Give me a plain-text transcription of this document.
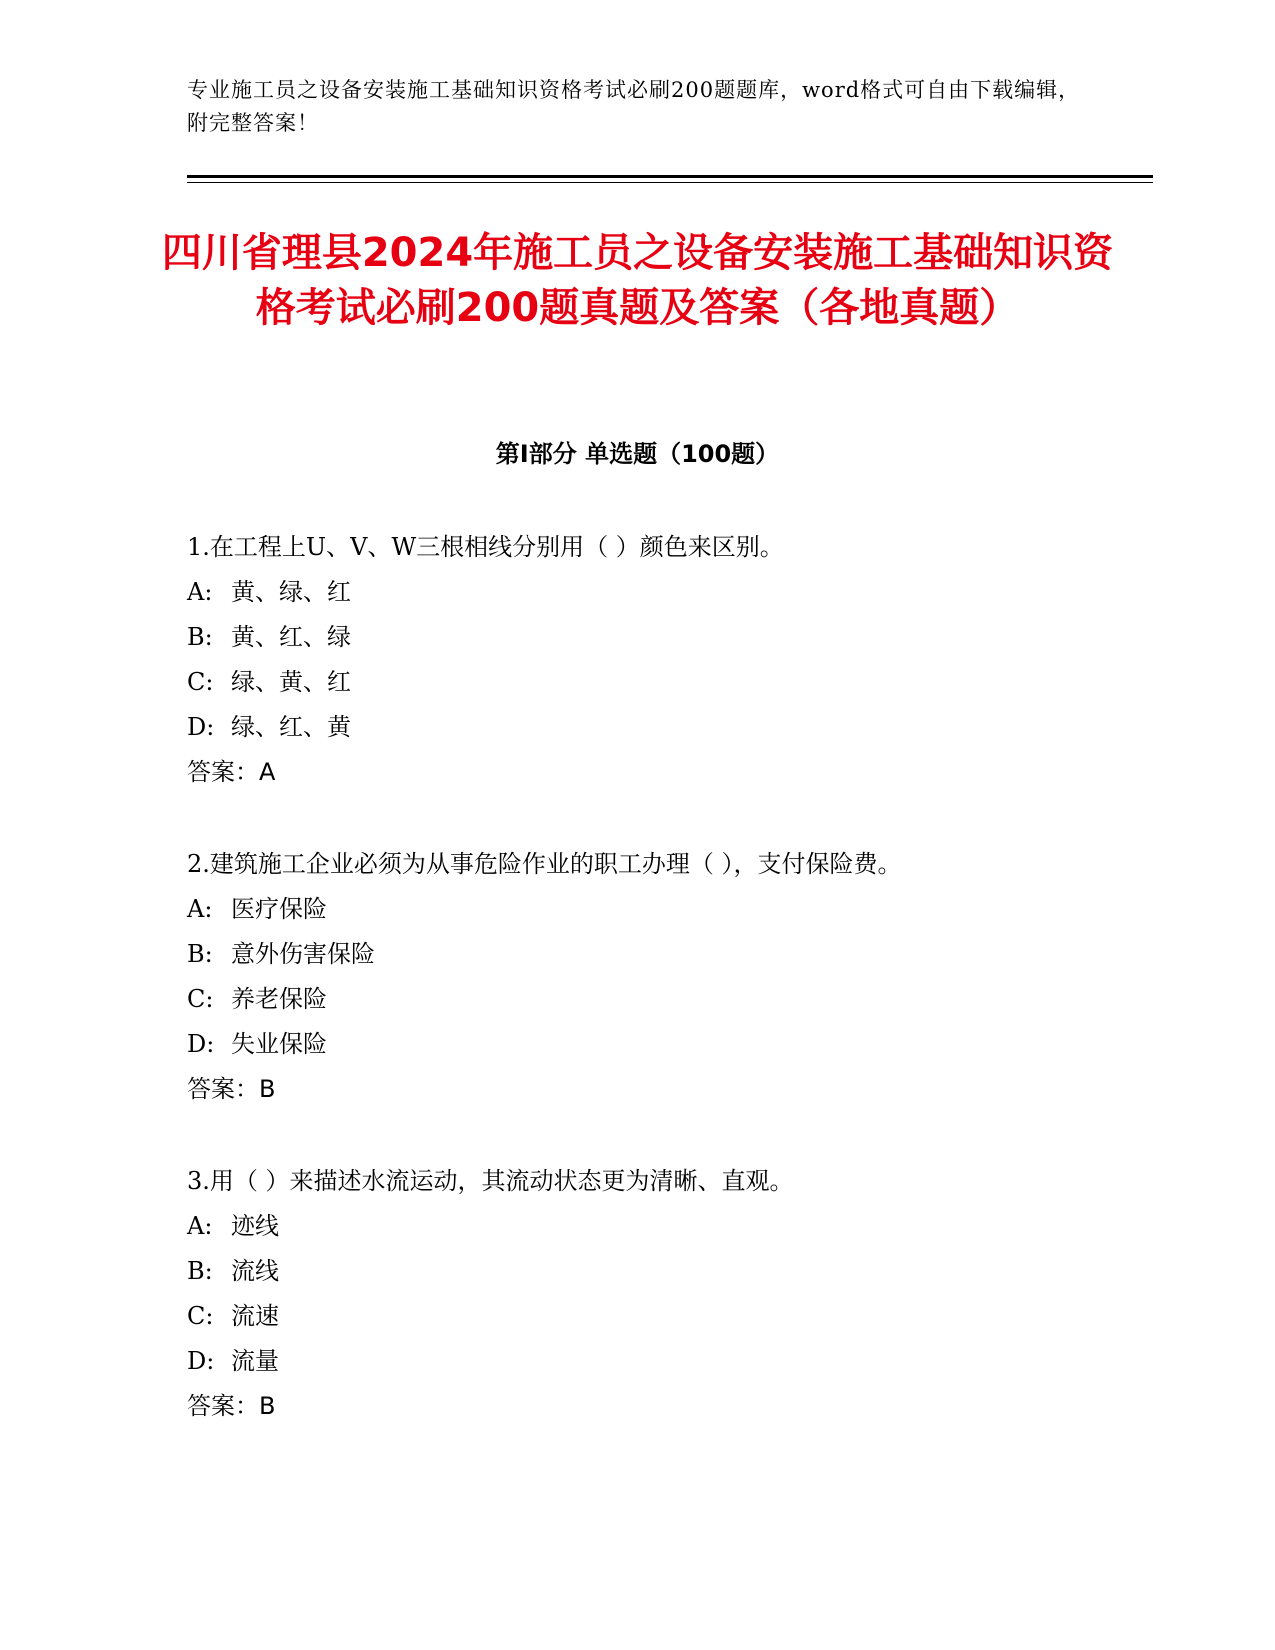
专业施工员之设备安装施工基础知识资格考试必刷200题题库，word格式可自由下载编辑，附完整答案！
四川省理县2024年施工员之设备安装施工基础知识资格考试必刷200题真题及答案（各地真题）
第I部分 单选题（100题）
1.在工程上U、V、W三根相线分别用（ ）颜色来区别。
A: 黄、绿、红
B: 黄、红、绿
C: 绿、黄、红
D: 绿、红、黄
答案：A
2.建筑施工企业必须为从事危险作业的职工办理（ ），支付保险费。
A: 医疗保险
B: 意外伤害保险
C: 养老保险
D: 失业保险
答案：B
3.用（ ）来描述水流运动，其流动状态更为清晰、直观。
A: 迹线
B: 流线
C: 流速
D: 流量
答案：B
